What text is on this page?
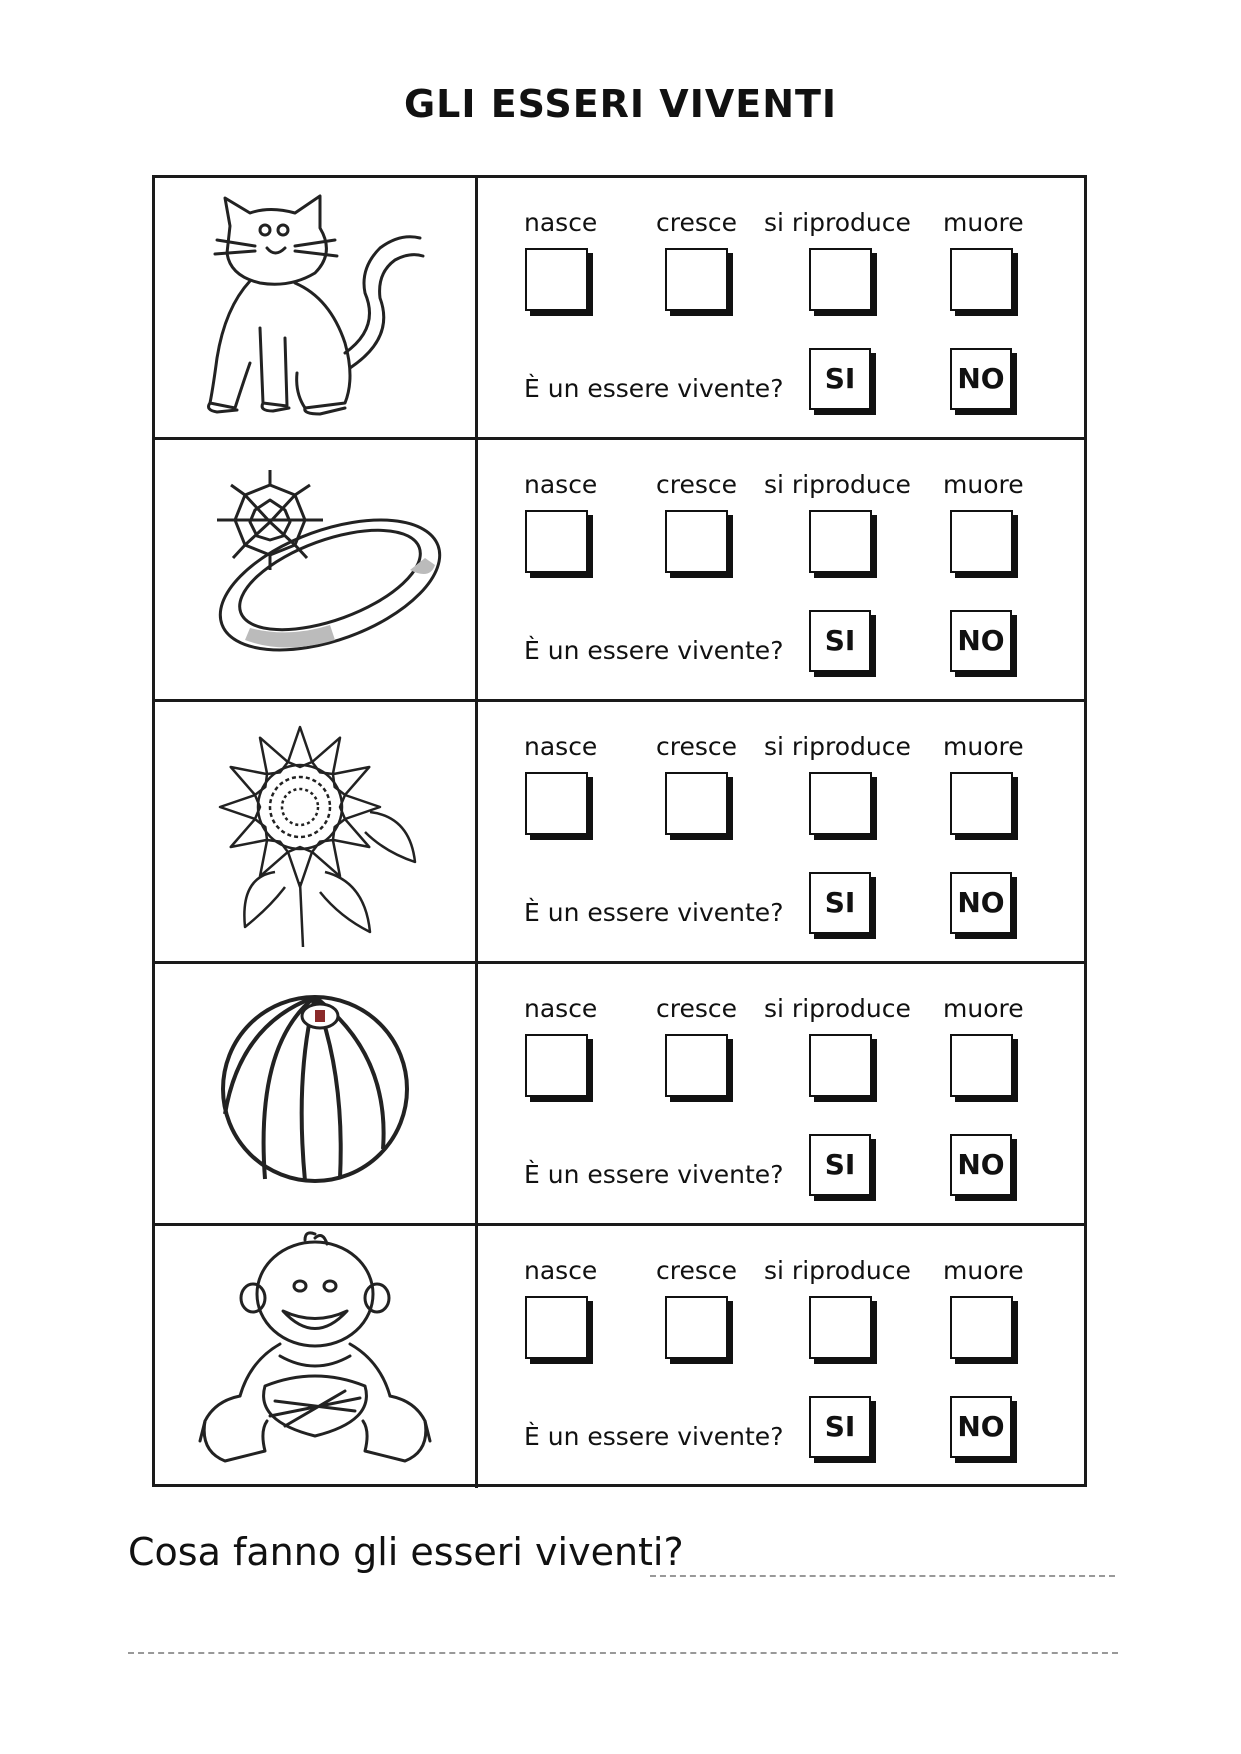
GLI ESSERI VIVENTI
nasce cresce si riproduce muore
È un essere vivente?	SI	NO
nasce cresce si riproduce muore
È un essere vivente?	SI	NO
nasce cresce si riproduce muore
È un essere vivente?	SI	NO
nasce cresce si riproduce muore
È un essere vivente?	SI	NO
nasce cresce si riproduce muore
È un essere vivente?	SI	NO
Cosa fanno gli esseri viventi?
